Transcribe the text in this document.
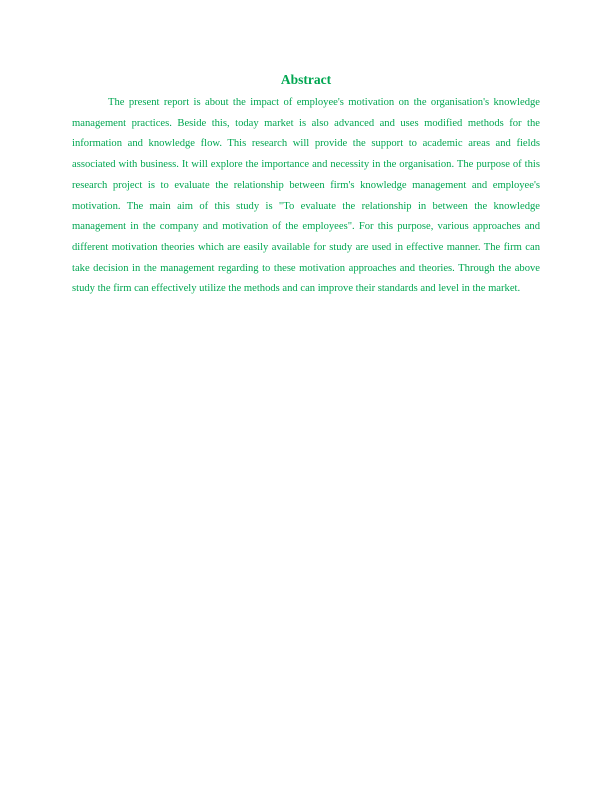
Abstract

The present report is about the impact of employee's motivation on the organisation's knowledge management practices. Beside this, today market is also advanced and uses modified methods for the information and knowledge flow. This research will provide the support to academic areas and fields associated with business. It will explore the importance and necessity in the organisation. The purpose of this research project is to evaluate the relationship between firm's knowledge management and employee's motivation. The main aim of this study is "To evaluate the relationship in between the knowledge management in the company and motivation of the employees". For this purpose, various approaches and different motivation theories which are easily available for study are used in effective manner. The firm can take decision in the management regarding to these motivation approaches and theories. Through the above study the firm can effectively utilize the methods and can improve their standards and level in the market.
